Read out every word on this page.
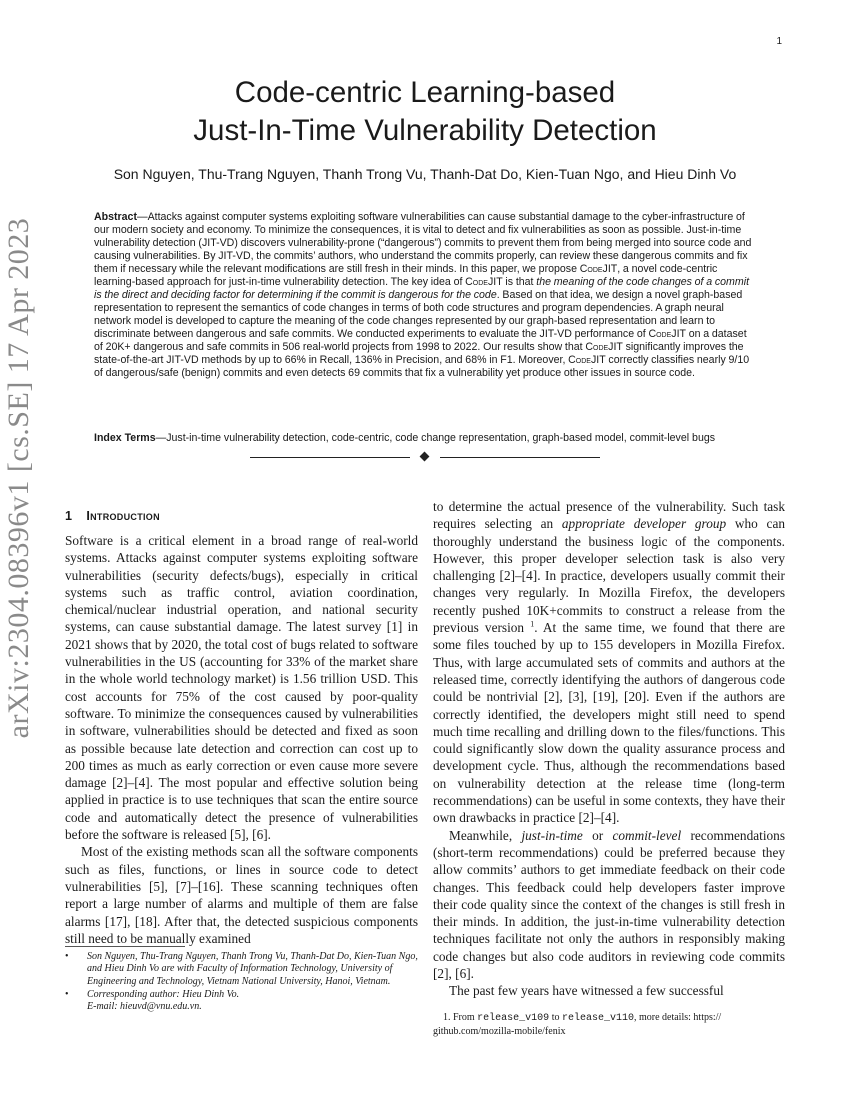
1
arXiv:2304.08396v1 [cs.SE] 17 Apr 2023
Code-centric Learning-based
Just-In-Time Vulnerability Detection
Son Nguyen, Thu-Trang Nguyen, Thanh Trong Vu, Thanh-Dat Do, Kien-Tuan Ngo, and Hieu Dinh Vo
Abstract—Attacks against computer systems exploiting software vulnerabilities can cause substantial damage to the cyber-infrastructure of our modern society and economy. To minimize the consequences, it is vital to detect and fix vulnerabilities as soon as possible. Just-in-time vulnerability detection (JIT-VD) discovers vulnerability-prone (“dangerous”) commits to prevent them from being merged into source code and causing vulnerabilities. By JIT-VD, the commits’ authors, who understand the commits properly, can review these dangerous commits and fix them if necessary while the relevant modifications are still fresh in their minds. In this paper, we propose CodeJIT, a novel code-centric learning-based approach for just-in-time vulnerability detection. The key idea of CodeJIT is that the meaning of the code changes of a commit is the direct and deciding factor for determining if the commit is dangerous for the code. Based on that idea, we design a novel graph-based representation to represent the semantics of code changes in terms of both code structures and program dependencies. A graph neural network model is developed to capture the meaning of the code changes represented by our graph-based representation and learn to discriminate between dangerous and safe commits. We conducted experiments to evaluate the JIT-VD performance of CodeJIT on a dataset of 20K+ dangerous and safe commits in 506 real-world projects from 1998 to 2022. Our results show that CodeJIT significantly improves the state-of-the-art JIT-VD methods by up to 66% in Recall, 136% in Precision, and 68% in F1. Moreover, CodeJIT correctly classifies nearly 9/10 of dangerous/safe (benign) commits and even detects 69 commits that fix a vulnerability yet produce other issues in source code.
Index Terms—Just-in-time vulnerability detection, code-centric, code change representation, graph-based model, commit-level bugs
1 Introduction

Software is a critical element in a broad range of real-world systems. Attacks against computer systems exploiting software vulnerabilities (security defects/bugs), especially in critical systems such as traffic control, aviation coordination, chemical/nuclear industrial operation, and national security systems, can cause substantial damage. The latest survey [1] in 2021 shows that by 2020, the total cost of bugs related to software vulnerabilities in the US (accounting for 33% of the market share in the whole world technology market) is 1.56 trillion USD. This cost accounts for 75% of the cost caused by poor-quality software. To minimize the consequences caused by vulnerabilities in software, vulnerabilities should be detected and fixed as soon as possible because late detection and correction can cost up to 200 times as much as early correction or even cause more severe damage [2]–[4]. The most popular and effective solution being applied in practice is to use techniques that scan the entire source code and automatically detect the presence of vulnerabilities before the software is released [5], [6].

Most of the existing methods scan all the software components such as files, functions, or lines in source code to detect vulnerabilities [5], [7]–[16]. These scanning techniques often report a large number of alarms and multiple of them are false alarms [17], [18]. After that, the detected suspicious components still need to be manually examined

to determine the actual presence of the vulnerability. Such task requires selecting an appropriate developer group who can thoroughly understand the business logic of the components. However, this proper developer selection task is also very challenging [2]–[4]. In practice, developers usually commit their changes very regularly. In Mozilla Firefox, the developers recently pushed 10K+commits to construct a release from the previous version $^1$. At the same time, we found that there are some files touched by up to 155 developers in Mozilla Firefox. Thus, with large accumulated sets of commits and authors at the released time, correctly identifying the authors of dangerous code could be nontrivial [2], [3], [19], [20]. Even if the authors are correctly identified, the developers might still need to spend much time recalling and drilling down to the files/functions. This could significantly slow down the quality assurance process and development cycle. Thus, although the recommendations based on vulnerability detection at the release time (long-term recommendations) can be useful in some contexts, they have their own drawbacks in practice [2]–[4].

Meanwhile, just-in-time or commit-level recommendations (short-term recommendations) could be preferred because they allow commits’ authors to get immediate feedback on their code changes. This feedback could help developers faster improve their code quality since the context of the changes is still fresh in their minds. In addition, the just-in-time vulnerability detection techniques facilitate not only the authors in responsibly making code changes but also code auditors in reviewing code commits [2], [6].

The past few years have witnessed a few successful

• Son Nguyen, Thu-Trang Nguyen, Thanh Trong Vu, Thanh-Dat Do, Kien-Tuan Ngo, and Hieu Dinh Vo are with Faculty of Information Technology, University of Engineering and Technology, Vietnam National University, Hanoi, Vietnam.
• Corresponding author: Hieu Dinh Vo.
E-mail: hieuvd@vnu.edu.vn.
1. From release_v109 to release_v110, more details: https://
github.com/mozilla-mobile/fenix
